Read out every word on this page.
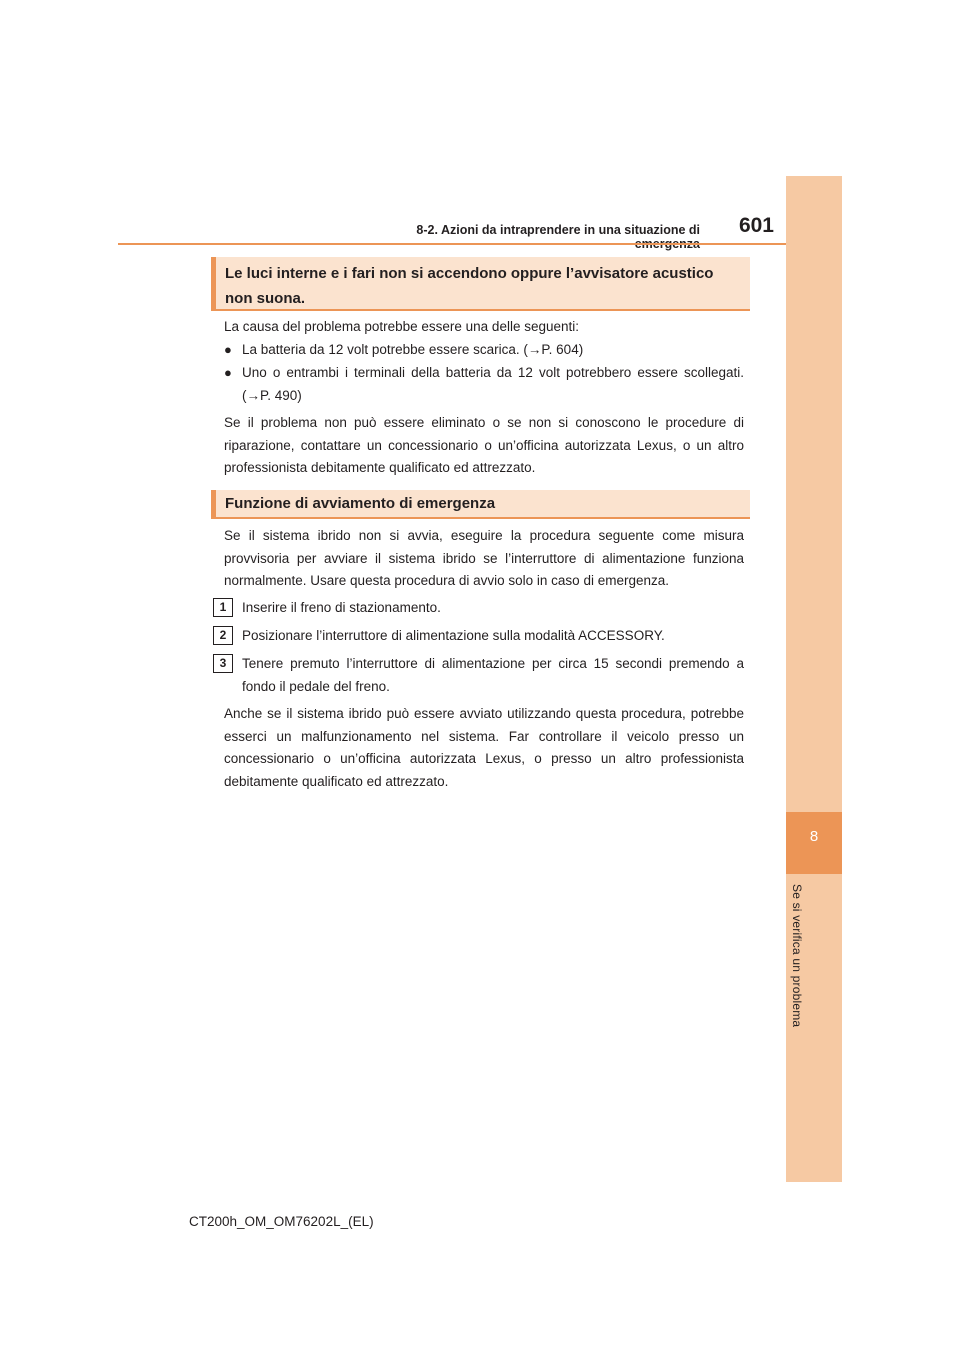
8
Se si verifica un problema
8-2. Azioni da intraprendere in una situazione di	601
Le luci interne e i fari non si accendono oppure l’avvisatore acustico non suona.
La causa del problema potrebbe essere una delle seguenti:
● La batteria da 12 volt potrebbe essere scarica. (→P. 604)
● Uno o entrambi i terminali della batteria da 12 volt potrebbero essere scollegati. (→P. 490)
Se il problema non può essere eliminato o se non si conoscono le procedure di riparazione, contattare un concessionario o un’officina autorizzata Lexus, o un altro professionista debitamente qualificato ed attrezzato.
Funzione di avviamento di emergenza
Se il sistema ibrido non si avvia, eseguire la procedura seguente come misura provvisoria per avviare il sistema ibrido se l’interruttore di alimentazione funziona normalmente. Usare questa procedura di avvio solo in caso di emergenza.
1	Inserire il freno di stazionamento.
2	Posizionare l’interruttore di alimentazione sulla modalità ACCESSORY.
3	Tenere premuto l’interruttore di alimentazione per circa 15 secondi premendo a fondo il pedale del freno.
Anche se il sistema ibrido può essere avviato utilizzando questa procedura, potrebbe esserci un malfunzionamento nel sistema. Far controllare il veicolo presso un concessionario o un’officina autorizzata Lexus, o presso un altro professionista debitamente qualificato ed attrezzato.
CT200h_OM_OM76202L_(EL)
